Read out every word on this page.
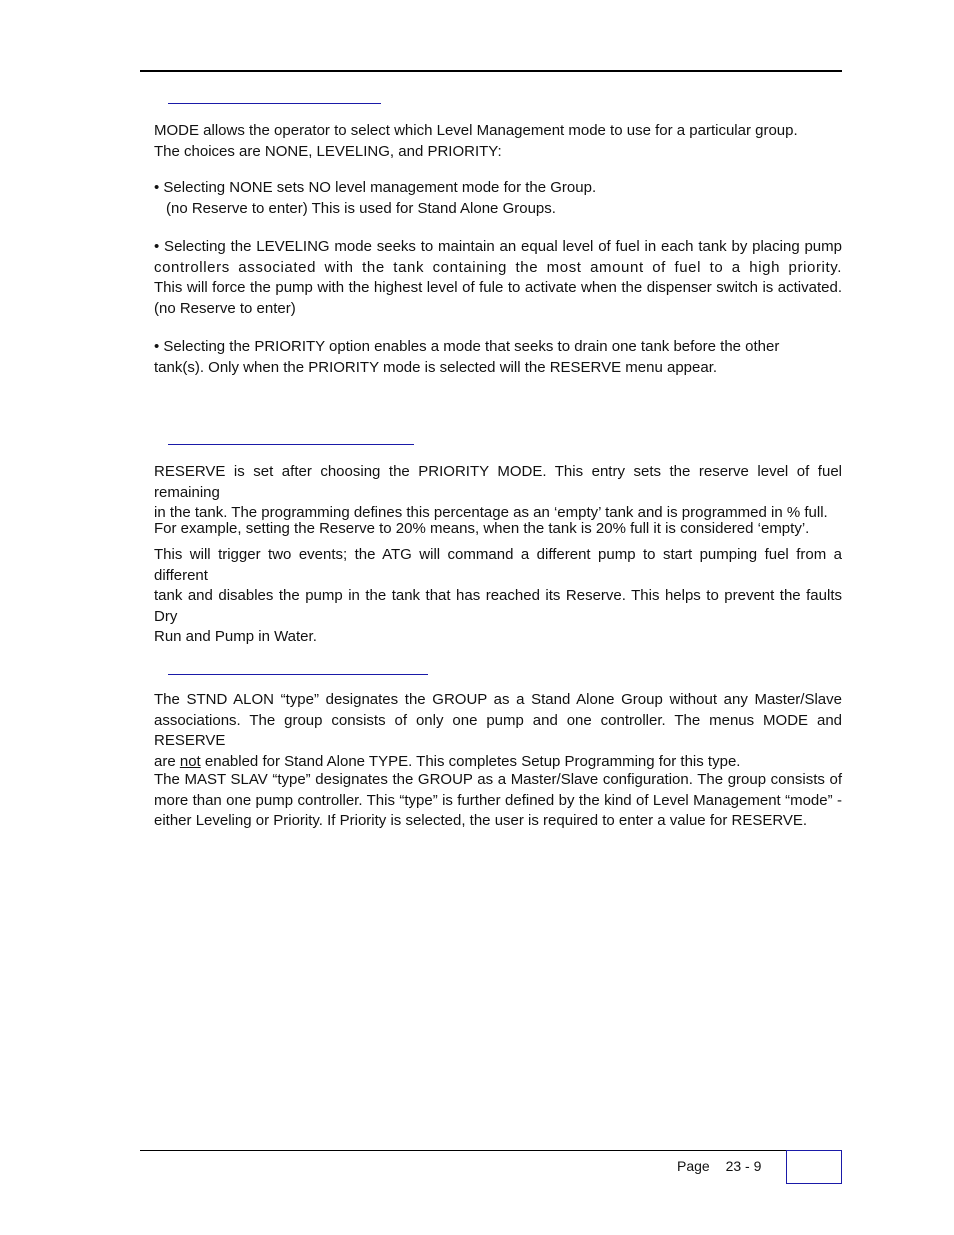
MODE allows the operator to select which Level Management mode to use for a particular group.
The choices are NONE, LEVELING, and PRIORITY:

• Selecting NONE sets NO level management mode for the Group.
(no Reserve to enter) This is used for Stand Alone Groups.

• Selecting the LEVELING mode seeks to maintain an equal level of fuel in each tank by placing pump
controllers associated with the tank containing the most amount of fuel to a high priority.
This will force the pump with the highest level of fule to activate when the dispenser switch is activated.
(no Reserve to enter)

• Selecting the PRIORITY option enables a mode that seeks to drain one tank before the other
tank(s). Only when the PRIORITY mode is selected will the RESERVE menu appear.

RESERVE is set after choosing the PRIORITY MODE. This entry sets the reserve level of fuel remaining
in the tank. The programming defines this percentage as an ‘empty’ tank and is programmed in % full.

For example, setting the Reserve to 20% means, when the tank is 20% full it is considered ‘empty’.

This will trigger two events; the ATG will command a different pump to start pumping fuel from a different
tank and disables the pump in the tank that has reached its Reserve. This helps to prevent the faults Dry
Run and Pump in Water.

The STND ALON “type” designates the GROUP as a Stand Alone Group without any Master/Slave
associations. The group consists of only one pump and one controller. The menus MODE and RESERVE
are not enabled for Stand Alone TYPE. This completes Setup Programming for this type.

The MAST SLAV “type” designates the GROUP as a Master/Slave configuration. The group consists of
more than one pump controller. This “type” is further defined by the kind of Level Management “mode” -
either Leveling or Priority. If Priority is selected, the user is required to enter a value for RESERVE.

Page 23 - 9
